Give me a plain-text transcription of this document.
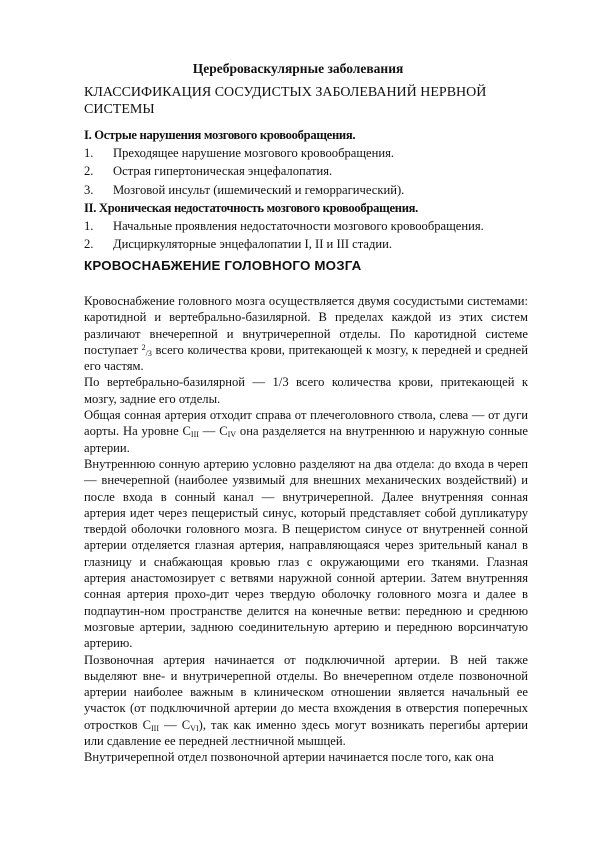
Цереброваскулярные заболевания
КЛАССИФИКАЦИЯ СОСУДИСТЫХ ЗАБОЛЕВАНИЙ НЕРВНОЙ СИСТЕМЫ
I. Острые нарушения мозгового кровообращения.
1. Преходящее нарушение мозгового кровообращения.
2. Острая гипертоническая энцефалопатия.
3. Мозговой инсульт (ишемический и геморрагический).
II. Хроническая недостаточность мозгового кровообращения.
1. Начальные проявления недостаточности мозгового кровообращения.
2. Дисциркуляторные энцефалопатии I, II и III стадии.
КРОВОСНАБЖЕНИЕ ГОЛОВНОГО МОЗГА

Кровоснабжение головного мозга осуществляется двумя сосудистыми системами: каротидной и вертебрально-базилярной. В пределах каждой из этих систем различают внечерепной и внутричерепной отделы. По каротидной системе поступает $^2_{/3}$ всего количества крови, притекающей к мозгу, к передней и средней его частям.

По вертебрально-базилярной — 1/3 всего количества крови, притекающей к мозгу, задние его отделы.

Общая сонная артерия отходит справа от плечеголовного ствола, слева — от дуги аорты. На уровне $C_{III}$ — $C_{IV}$ она разделяется на внутреннюю и наружную сонные артерии.

Внутреннюю сонную артерию условно разделяют на два отдела: до входа в череп — внечерепной (наиболее уязвимый для внешних механических воздействий) и после входа в сонный канал — внутричерепной. Далее внутренняя сонная артерия идет через пещеристый синус, который представляет собой дупликатуру твердой оболочки головного мозга. В пещеристом синусе от внутренней сонной артерии отделяется глазная артерия, направляющаяся через зрительный канал в глазницу и снабжающая кровью глаз с окружающими его тканями. Глазная артерия анастомозирует с ветвями наружной сонной артерии. Затем внутренняя сонная артерия прохо-дит через твердую оболочку головного мозга и далее в подпаутин-ном пространстве делится на конечные ветви: переднюю и среднюю мозговые артерии, заднюю соединительную артерию и переднюю ворсинчатую артерию.

Позвоночная артерия начинается от подключичной артерии. В ней также выделяют вне- и внутричерепной отделы. Во внечерепном отделе позвоночной артерии наиболее важным в клиническом отношении является начальный ее участок (от подключичной артерии до места вхождения в отверстия поперечных отростков $C_{III}$ — $C_{VI}$), так как именно здесь могут возникать перегибы артерии или сдавление ее передней лестничной мышцей.

Внутричерепной отдел позвоночной артерии начинается после того, как она
